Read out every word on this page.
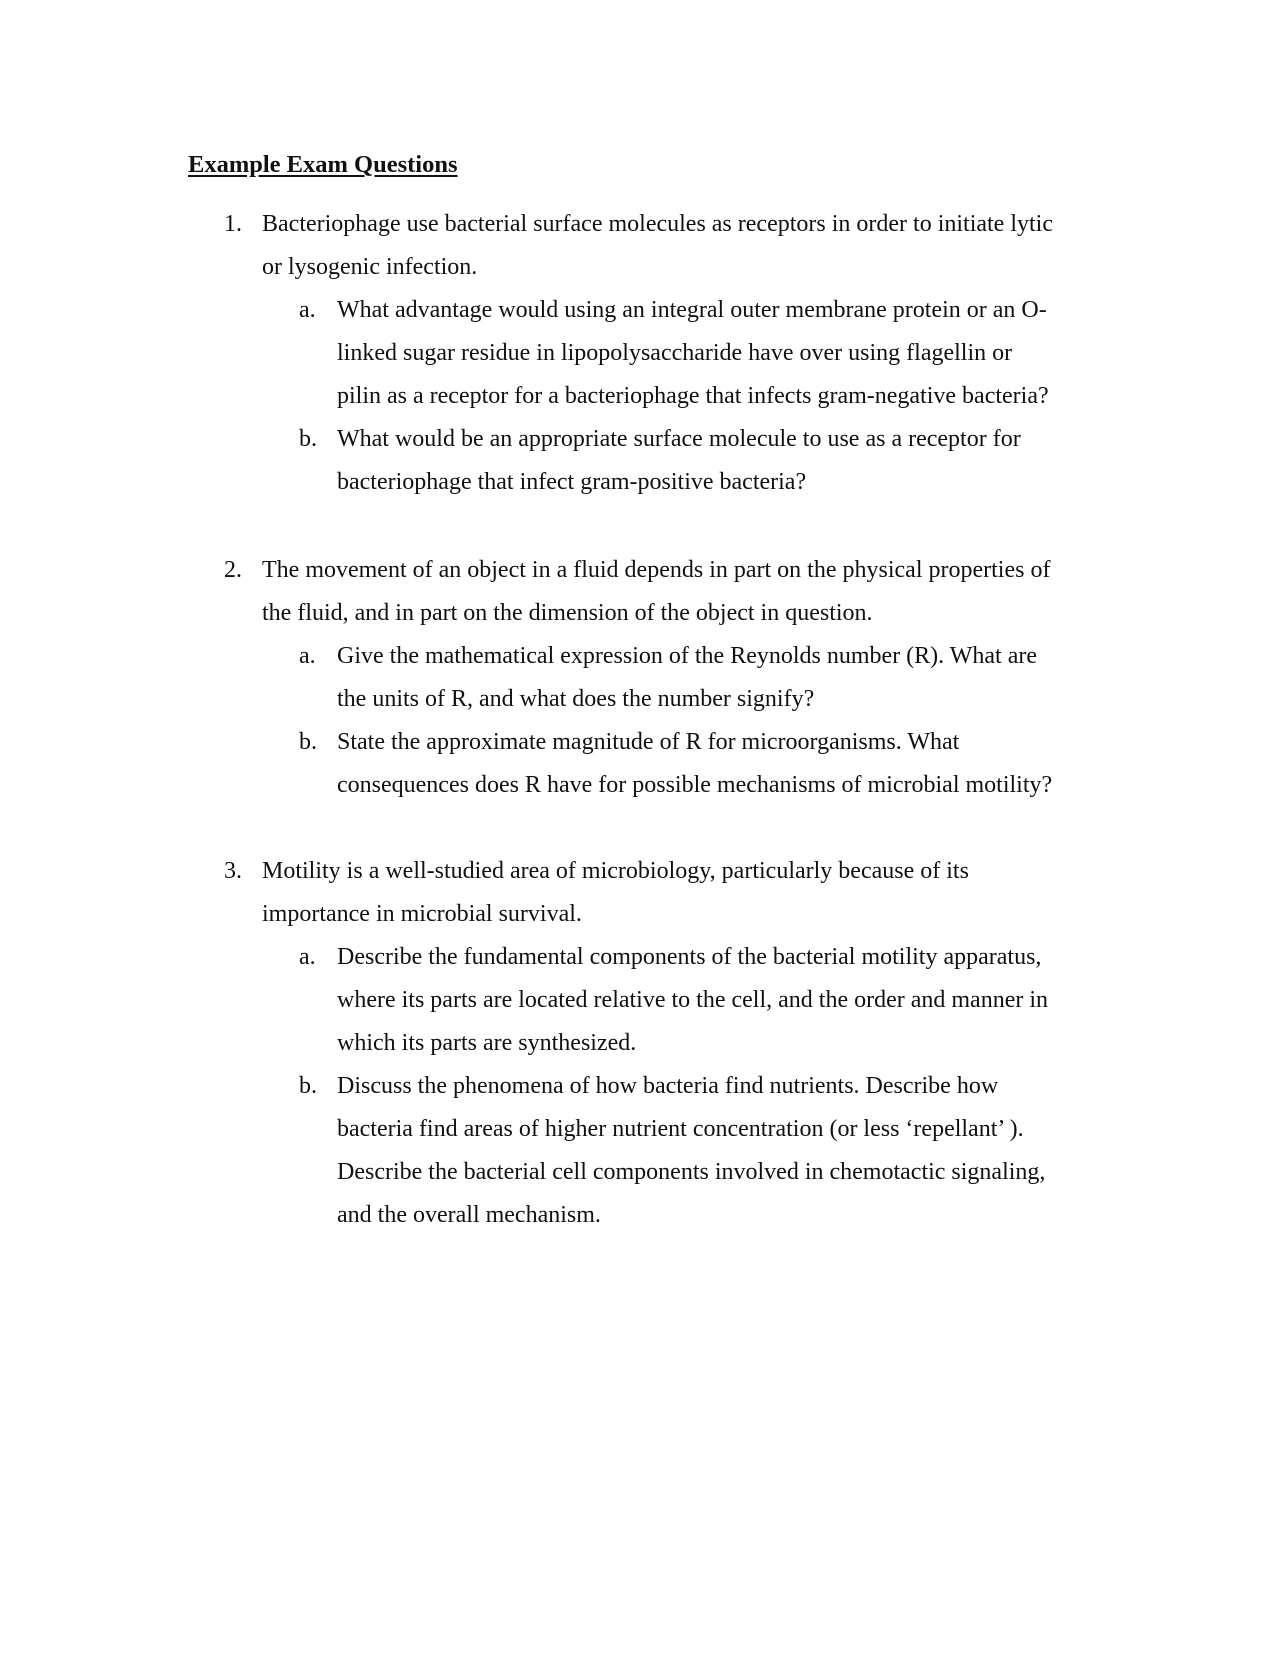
Example Exam Questions
1. Bacteriophage use bacterial surface molecules as receptors in order to initiate lytic
or lysogenic infection.
a. What advantage would using an integral outer membrane protein or an O-
linked sugar residue in lipopolysaccharide have over using flagellin or
pilin as a receptor for a bacteriophage that infects gram-negative bacteria?
b. What would be an appropriate surface molecule to use as a receptor for
bacteriophage that infect gram-positive bacteria?
2. The movement of an object in a fluid depends in part on the physical properties of
the fluid, and in part on the dimension of the object in question.
a. Give the mathematical expression of the Reynolds number (R). What are
the units of R, and what does the number signify?
b. State the approximate magnitude of R for microorganisms. What
consequences does R have for possible mechanisms of microbial motility?
3. Motility is a well-studied area of microbiology, particularly because of its
importance in microbial survival.
a. Describe the fundamental components of the bacterial motility apparatus,
where its parts are located relative to the cell, and the order and manner in
which its parts are synthesized.
b. Discuss the phenomena of how bacteria find nutrients. Describe how
bacteria find areas of higher nutrient concentration (or less ‘repellant’ ).
Describe the bacterial cell components involved in chemotactic signaling,
and the overall mechanism.
